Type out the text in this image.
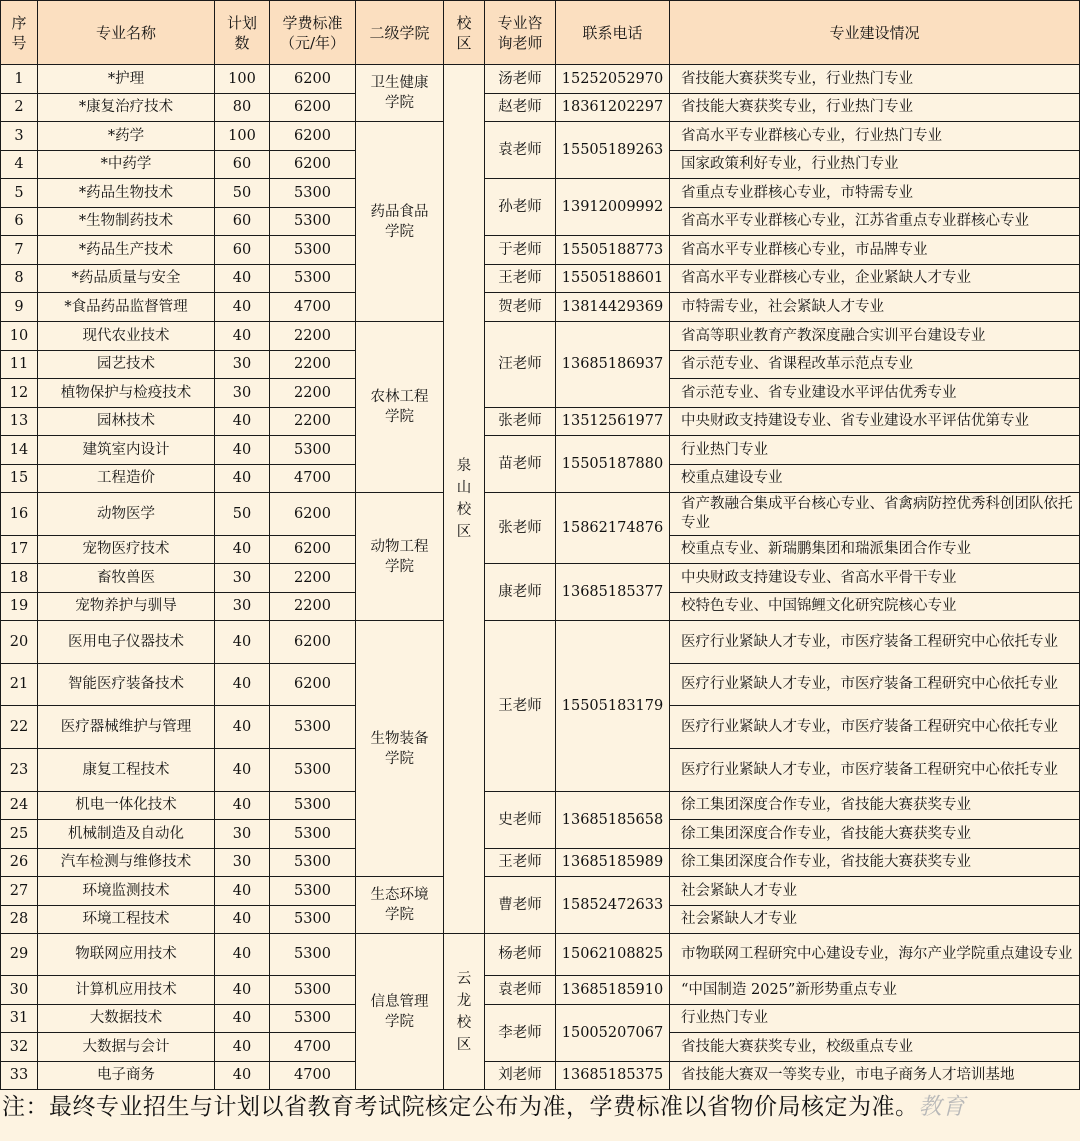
序号	专业名称	计划数	学费标准（元/年）	二级学院	校区	专业咨询老师	联系电话	专业建设情况
1	*护理	100	6200	卫生健康学院	泉山校区	汤老师	15252052970	省技能大赛获奖专业，行业热门专业
2	*康复治疗技术	80	6200			赵老师	18361202297	省技能大赛获奖专业，行业热门专业
3	*药学	100	6200	药品食品学院		袁老师	15505189263	省高水平专业群核心专业，行业热门专业
4	*中药学	60	6200					国家政策利好专业，行业热门专业
5	*药品生物技术	50	5300			孙老师	13912009992	省重点专业群核心专业，市特需专业
6	*生物制药技术	60	5300					省高水平专业群核心专业，江苏省重点专业群核心专业
7	*药品生产技术	60	5300			于老师	15505188773	省高水平专业群核心专业，市品牌专业
8	*药品质量与安全	40	5300			王老师	15505188601	省高水平专业群核心专业，企业紧缺人才专业
9	*食品药品监督管理	40	4700			贺老师	13814429369	市特需专业，社会紧缺人才专业
10	现代农业技术	40	2200	农林工程学院		汪老师	13685186937	省高等职业教育产教深度融合实训平台建设专业
11	园艺技术	30	2200					省示范专业、省课程改革示范点专业
12	植物保护与检疫技术	30	2200					省示范专业、省专业建设水平评估优秀专业
13	园林技术	40	2200			张老师	13512561977	中央财政支持建设专业、省专业建设水平评估优第专业
14	建筑室内设计	40	5300			苗老师	15505187880	行业热门专业
15	工程造价	40	4700					校重点建设专业
16	动物医学	50	6200	动物工程学院		张老师	15862174876	省产教融合集成平台核心专业、省禽病防控优秀科创团队依托专业
17	宠物医疗技术	40	6200					校重点专业、新瑞鹏集团和瑞派集团合作专业
18	畜牧兽医	30	2200			康老师	13685185377	中央财政支持建设专业、省高水平骨干专业
19	宠物养护与驯导	30	2200					校特色专业、中国锦鲤文化研究院核心专业
20	医用电子仪器技术	40	6200	生物装备学院		王老师	15505183179	医疗行业紧缺人才专业，市医疗装备工程研究中心依托专业
21	智能医疗装备技术	40	6200					医疗行业紧缺人才专业，市医疗装备工程研究中心依托专业
22	医疗器械维护与管理	40	5300					医疗行业紧缺人才专业，市医疗装备工程研究中心依托专业
23	康复工程技术	40	5300					医疗行业紧缺人才专业，市医疗装备工程研究中心依托专业
24	机电一体化技术	40	5300			史老师	13685185658	徐工集团深度合作专业，省技能大赛获奖专业
25	机械制造及自动化	30	5300					徐工集团深度合作专业，省技能大赛获奖专业
26	汽车检测与维修技术	30	5300			王老师	13685185989	徐工集团深度合作专业，省技能大赛获奖专业
27	环境监测技术	40	5300	生态环境学院		曹老师	15852472633	社会紧缺人才专业
28	环境工程技术	40	5300					社会紧缺人才专业
29	物联网应用技术	40	5300	信息管理学院	云龙校区	杨老师	15062108825	市物联网工程研究中心建设专业，海尔产业学院重点建设专业
30	计算机应用技术	40	5300			袁老师	13685185910	“中国制造 2025”新形势重点专业
31	大数据技术	40	5300			李老师	15005207067	行业热门专业
32	大数据与会计	40	4700					省技能大赛获奖专业，校级重点专业
33	电子商务	40	4700			刘老师	13685185375	省技能大赛双一等奖专业，市电子商务人才培训基地
注：最终专业招生与计划以省教育考试院核定公布为准，学费标准以省物价局核定为准。教育
